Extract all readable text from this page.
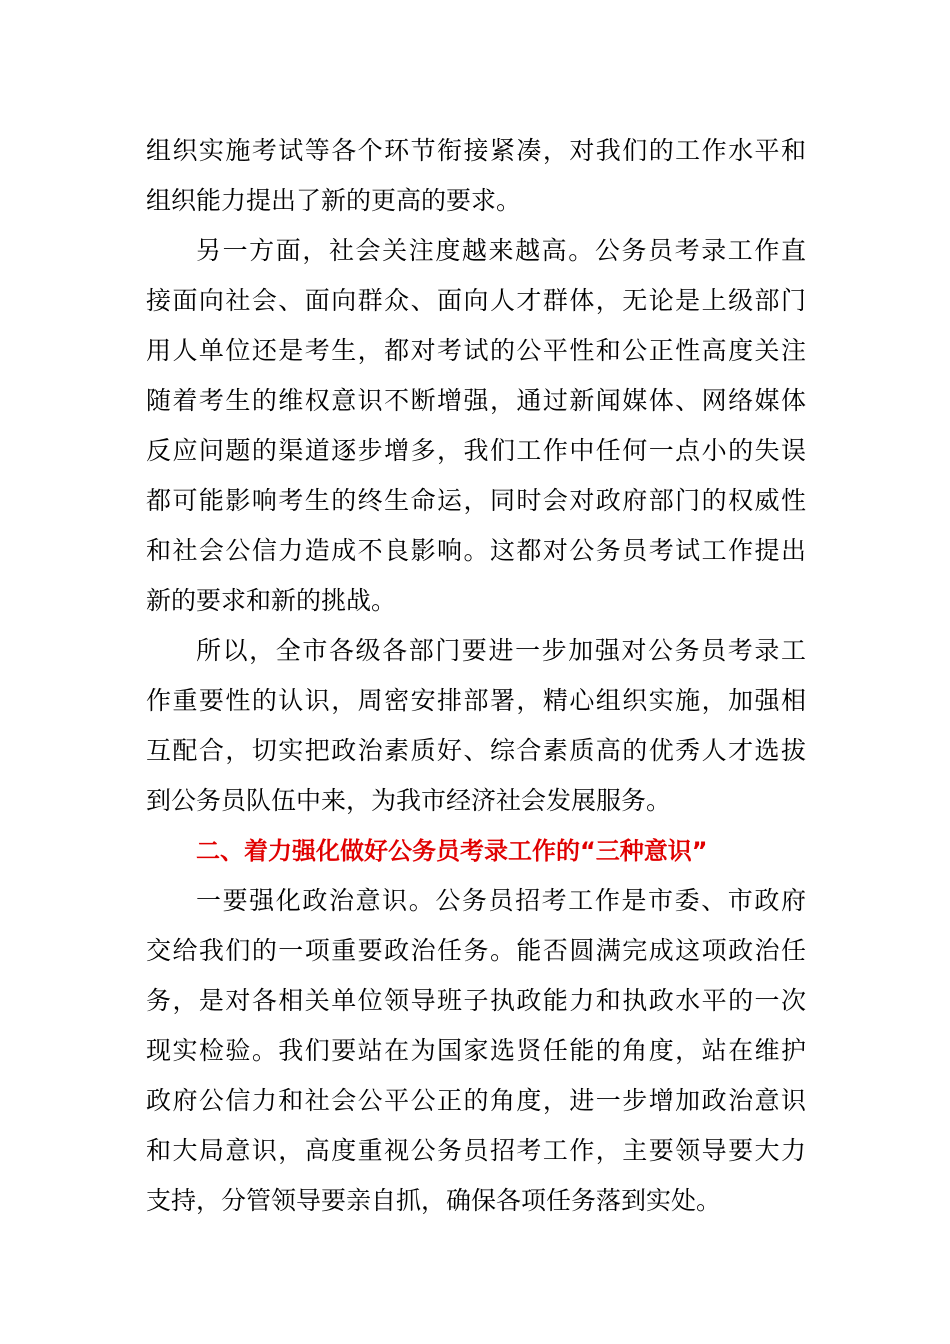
组织实施考试等各个环节衔接紧凑，对我们的工作水平和
组织能力提出了新的更高的要求。
另一方面，社会关注度越来越高。公务员考录工作直
接面向社会、面向群众、面向人才群体，无论是上级部门
用人单位还是考生，都对考试的公平性和公正性高度关注
随着考生的维权意识不断增强，通过新闻媒体、网络媒体
反应问题的渠道逐步增多，我们工作中任何一点小的失误
都可能影响考生的终生命运，同时会对政府部门的权威性
和社会公信力造成不良影响。这都对公务员考试工作提出
新的要求和新的挑战。
所以，全市各级各部门要进一步加强对公务员考录工
作重要性的认识，周密安排部署，精心组织实施，加强相
互配合，切实把政治素质好、综合素质高的优秀人才选拔
到公务员队伍中来，为我市经济社会发展服务。
二、着力强化做好公务员考录工作的“三种意识”
一要强化政治意识。公务员招考工作是市委、市政府
交给我们的一项重要政治任务。能否圆满完成这项政治任
务，是对各相关单位领导班子执政能力和执政水平的一次
现实检验。我们要站在为国家选贤任能的角度，站在维护
政府公信力和社会公平公正的角度，进一步增加政治意识
和大局意识，高度重视公务员招考工作，主要领导要大力
支持，分管领导要亲自抓，确保各项任务落到实处。
